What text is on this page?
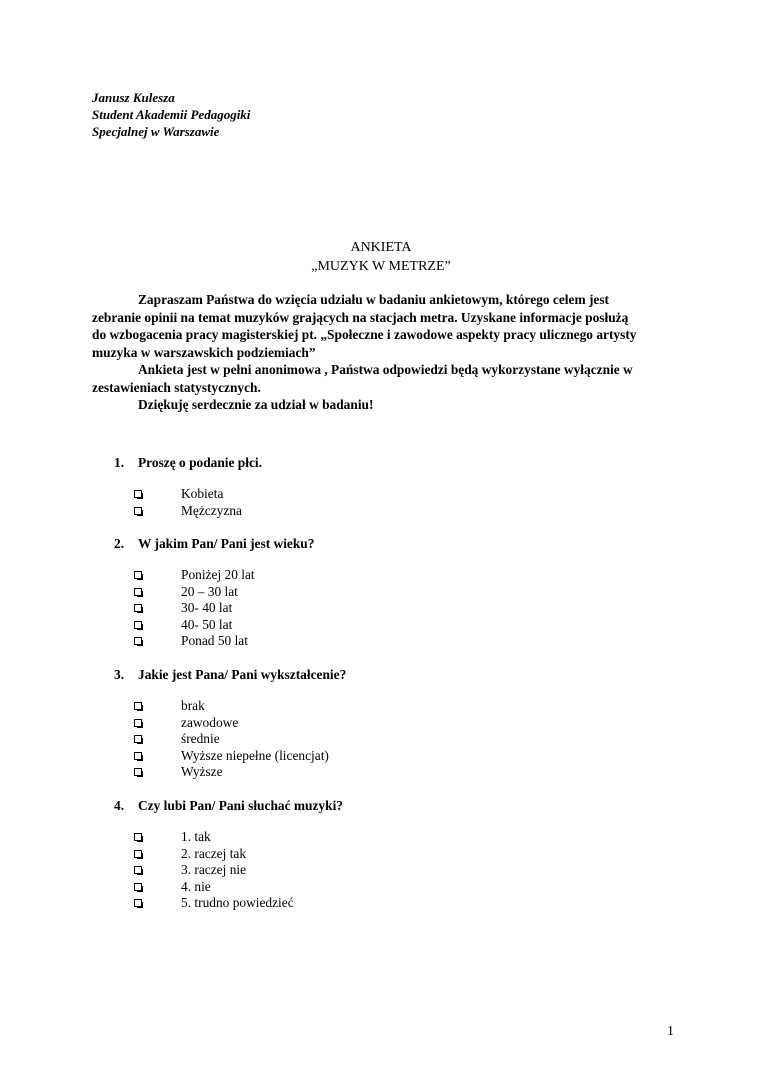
Janusz Kulesza
Student Akademii Pedagogiki
Specjalnej w Warszawie
ANKIETA
„MUZYK W METRZE”
Zapraszam Państwa do wzięcia udziału w badaniu ankietowym, którego celem jest
zebranie opinii na temat muzyków grających na stacjach metra. Uzyskane informacje posłużą
do wzbogacenia pracy magisterskiej pt. „Społeczne i zawodowe aspekty pracy ulicznego artysty
muzyka w warszawskich podziemiach”
Ankieta jest w pełni anonimowa , Państwa odpowiedzi będą wykorzystane wyłącznie w
zestawieniach statystycznych.
Dziękuję serdecznie za udział w badaniu!
1. Proszę o podanie płci.
Kobieta
Mężczyzna
2. W jakim Pan/ Pani jest wieku?
Poniżej 20 lat
20 – 30 lat
30- 40 lat
40- 50 lat
Ponad 50 lat
3. Jakie jest Pana/ Pani wykształcenie?
brak
zawodowe
średnie
Wyższe niepełne (licencjat)
Wyższe
4. Czy lubi Pan/ Pani słuchać muzyki?
1. tak
2. raczej tak
3. raczej nie
4. nie
5. trudno powiedzieć
1
